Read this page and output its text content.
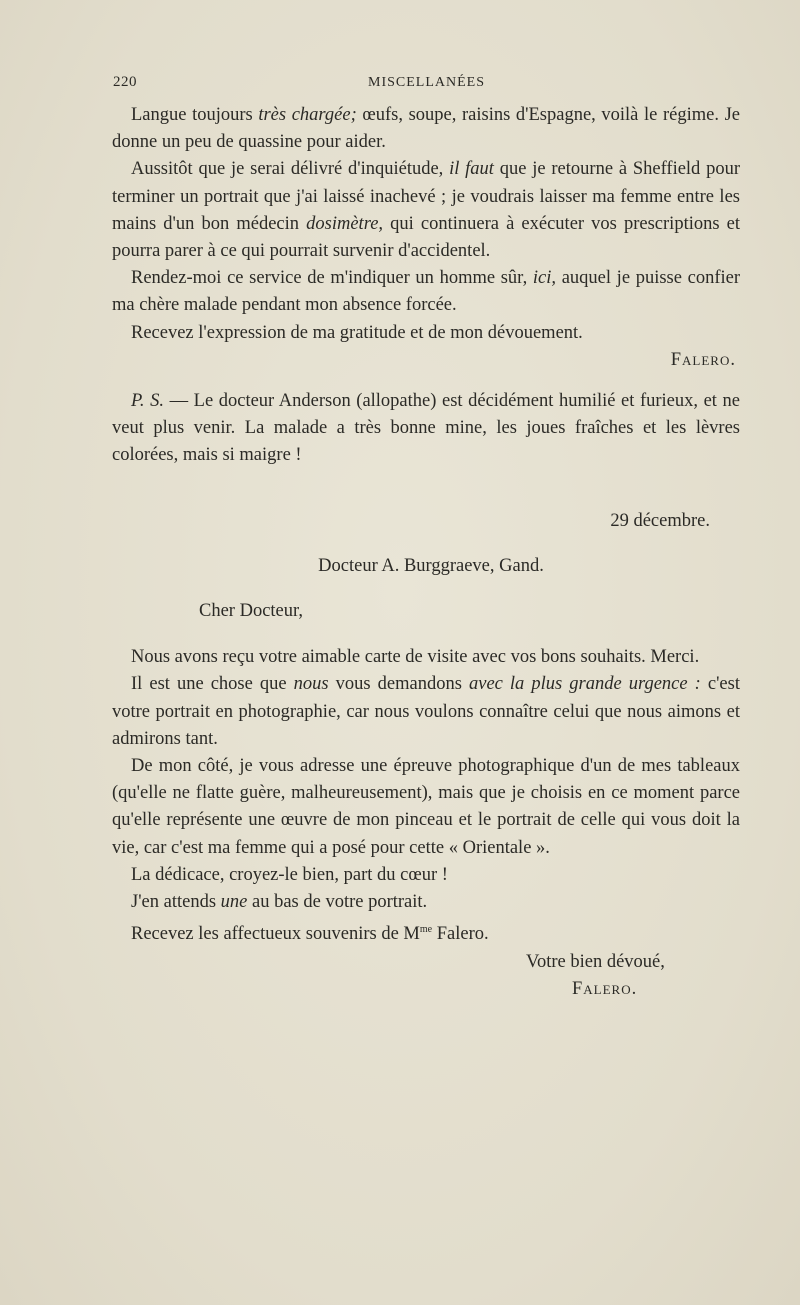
220	MISCELLANÉES

Langue toujours très chargée; œufs, soupe, raisins d'Espagne, voilà le régime. Je donne un peu de quassine pour aider.

Aussitôt que je serai délivré d'inquiétude, il faut que je retourne à Sheffield pour terminer un portrait que j'ai laissé inachevé ; je voudrais laisser ma femme entre les mains d'un bon médecin dosimètre, qui continuera à exécuter vos prescriptions et pourra parer à ce qui pourrait survenir d'accidentel.

Rendez-moi ce service de m'indiquer un homme sûr, ici, auquel je puisse confier ma chère malade pendant mon absence forcée.

Recevez l'expression de ma gratitude et de mon dévouement.

Falero.

P. S. — Le docteur Anderson (allopathe) est décidément humilié et furieux, et ne veut plus venir. La malade a très bonne mine, les joues fraîches et les lèvres colorées, mais si maigre !

29 décembre.

Docteur A. Burggraeve, Gand.

Cher Docteur,

Nous avons reçu votre aimable carte de visite avec vos bons souhaits. Merci.

Il est une chose que nous vous demandons avec la plus grande urgence : c'est votre portrait en photographie, car nous voulons connaître celui que nous aimons et admirons tant.

De mon côté, je vous adresse une épreuve photographique d'un de mes tableaux (qu'elle ne flatte guère, malheureusement), mais que je choisis en ce moment parce qu'elle représente une œuvre de mon pinceau et le portrait de celle qui vous doit la vie, car c'est ma femme qui a posé pour cette « Orientale ».

La dédicace, croyez-le bien, part du cœur !

J'en attends une au bas de votre portrait.

Recevez les affectueux souvenirs de $M^{me}$ Falero.

Votre bien dévoué,

Falero.
